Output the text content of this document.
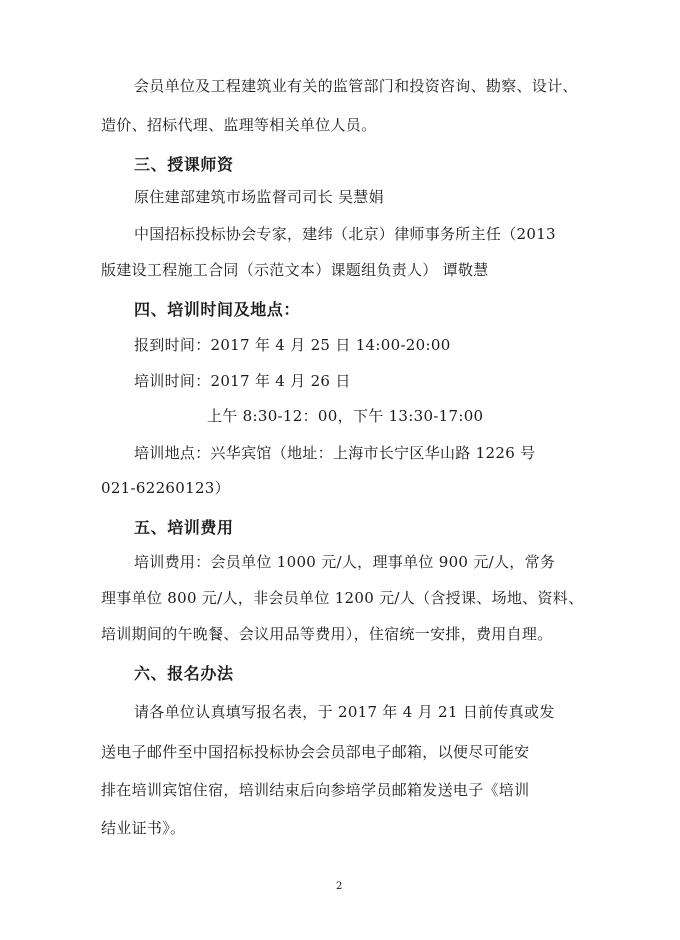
会员单位及工程建筑业有关的监管部门和投资咨询、勘察、设计、
造价、招标代理、监理等相关单位人员。
三、授课师资
原住建部建筑市场监督司司长 吴慧娟
中国招标投标协会专家，建纬（北京）律师事务所主任（2013
版建设工程施工合同（示范文本）课题组负责人） 谭敬慧
四、培训时间及地点：
报到时间：2017 年 4 月 25 日 14:00-20:00
培训时间：2017 年 4 月 26 日
上午 8:30-12：00，下午 13:30-17:00
培训地点：兴华宾馆（地址：上海市长宁区华山路 1226 号
021-62260123）
五、培训费用
培训费用：会员单位 1000 元/人，理事单位 900 元/人，常务
理事单位 800 元/人，非会员单位 1200 元/人（含授课、场地、资料、
培训期间的午晚餐、会议用品等费用），住宿统一安排，费用自理。
六、报名办法
请各单位认真填写报名表，于 2017 年 4 月 21 日前传真或发
送电子邮件至中国招标投标协会会员部电子邮箱，以便尽可能安
排在培训宾馆住宿，培训结束后向参培学员邮箱发送电子《培训
结业证书》。
2
